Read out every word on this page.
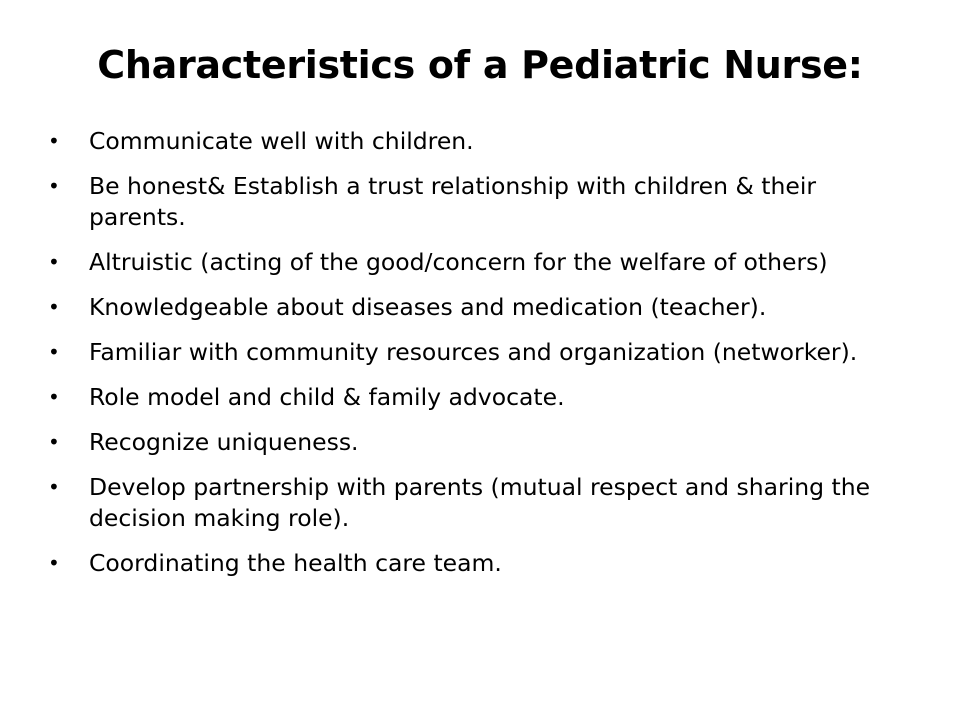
Characteristics of a Pediatric Nurse:
•	Communicate well with children.
•	Be honest& Establish a trust relationship with children & their parents.
•	Altruistic (acting of the good/concern for the welfare of others)
•	Knowledgeable about diseases and medication (teacher).
•	Familiar with community resources and organization (networker).
•	Role model and child & family advocate.
•	Recognize uniqueness.
•	Develop partnership with parents (mutual respect and sharing the decision making role).
•	Coordinating the health care team.
